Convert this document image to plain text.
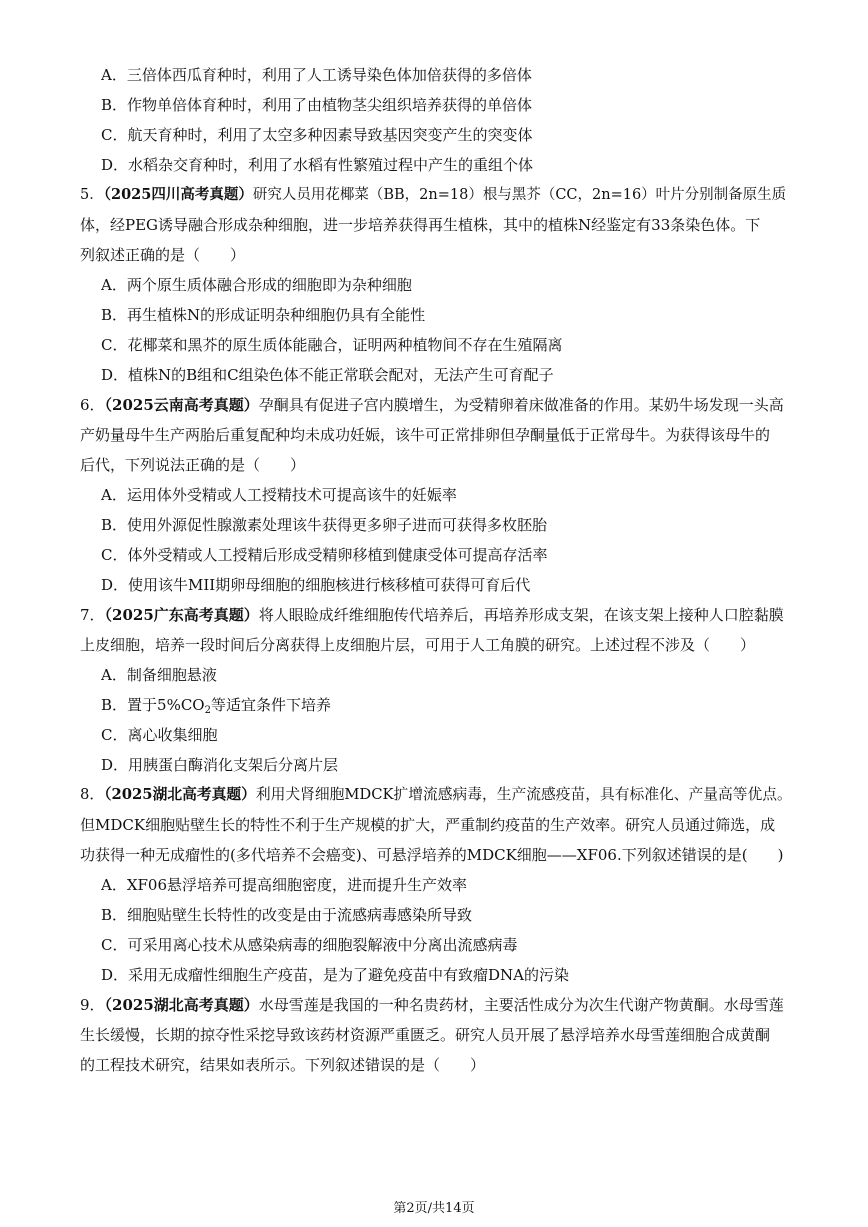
A．三倍体西瓜育种时，利用了人工诱导染色体加倍获得的多倍体
B．作物单倍体育种时，利用了由植物茎尖组织培养获得的单倍体
C．航天育种时，利用了太空多种因素导致基因突变产生的突变体
D．水稻杂交育种时，利用了水稻有性繁殖过程中产生的重组个体
5．（2025四川高考真题）研究人员用花椰菜（BB，2n=18）根与黑芥（CC，2n=16）叶片分别制备原生质
体，经PEG诱导融合形成杂种细胞，进一步培养获得再生植株，其中的植株N经鉴定有33条染色体。下
列叙述正确的是（　　）
A．两个原生质体融合形成的细胞即为杂种细胞
B．再生植株N的形成证明杂种细胞仍具有全能性
C．花椰菜和黑芥的原生质体能融合，证明两种植物间不存在生殖隔离
D．植株N的B组和C组染色体不能正常联会配对，无法产生可育配子
6．（2025云南高考真题）孕酮具有促进子宫内膜增生，为受精卵着床做准备的作用。某奶牛场发现一头高
产奶量母牛生产两胎后重复配种均未成功妊娠，该牛可正常排卵但孕酮量低于正常母牛。为获得该母牛的
后代，下列说法正确的是（　　）
A．运用体外受精或人工授精技术可提高该牛的妊娠率
B．使用外源促性腺激素处理该牛获得更多卵子进而可获得多枚胚胎
C．体外受精或人工授精后形成受精卵移植到健康受体可提高存活率
D．使用该牛MII期卵母细胞的细胞核进行核移植可获得可育后代
7．（2025广东高考真题）将人眼睑成纤维细胞传代培养后，再培养形成支架，在该支架上接种人口腔黏膜
上皮细胞，培养一段时间后分离获得上皮细胞片层，可用于人工角膜的研究。上述过程不涉及（　　）
A．制备细胞悬液
B．置于$5\%CO_2$等适宜条件下培养
C．离心收集细胞
D．用胰蛋白酶消化支架后分离片层
8．（2025湖北高考真题）利用犬肾细胞MDCK扩增流感病毒，生产流感疫苗，具有标准化、产量高等优点。
但MDCK细胞贴壁生长的特性不利于生产规模的扩大，严重制约疫苗的生产效率。研究人员通过筛选，成
功获得一种无成瘤性的(多代培养不会癌变)、可悬浮培养的MDCK细胞——XF06.下列叙述错误的是(　　)
A．XF06悬浮培养可提高细胞密度，进而提升生产效率
B．细胞贴壁生长特性的改变是由于流感病毒感染所导致
C．可采用离心技术从感染病毒的细胞裂解液中分离出流感病毒
D．采用无成瘤性细胞生产疫苗，是为了避免疫苗中有致瘤DNA的污染
9．（2025湖北高考真题）水母雪莲是我国的一种名贵药材，主要活性成分为次生代谢产物黄酮。水母雪莲
生长缓慢，长期的掠夺性采挖导致该药材资源严重匮乏。研究人员开展了悬浮培养水母雪莲细胞合成黄酮
的工程技术研究，结果如表所示。下列叙述错误的是（　　）
第2页/共14页
